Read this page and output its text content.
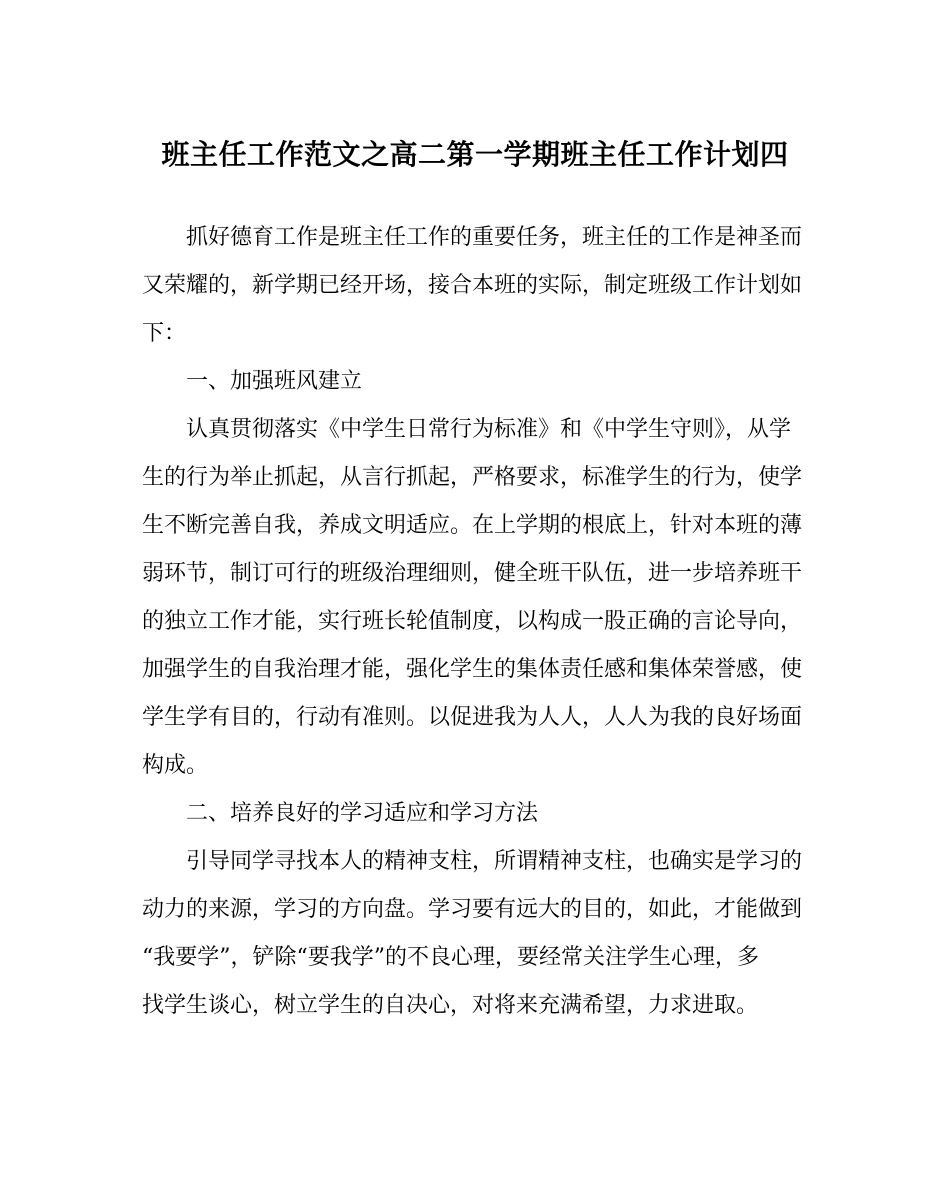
班主任工作范文之高二第一学期班主任工作计划四

抓好德育工作是班主任工作的重要任务，班主任的工作是神圣而

又荣耀的，新学期已经开场，接合本班的实际，制定班级工作计划如

下：

一、加强班风建立

认真贯彻落实《中学生日常行为标准》和《中学生守则》，从学

生的行为举止抓起，从言行抓起，严格要求，标准学生的行为，使学

生不断完善自我，养成文明适应。在上学期的根底上，针对本班的薄

弱环节，制订可行的班级治理细则，健全班干队伍，进一步培养班干

的独立工作才能，实行班长轮值制度，以构成一股正确的言论导向，

加强学生的自我治理才能，强化学生的集体责任感和集体荣誉感，使

学生学有目的，行动有准则。以促进我为人人，人人为我的良好场面

构成。

二、培养良好的学习适应和学习方法

引导同学寻找本人的精神支柱，所谓精神支柱，也确实是学习的

动力的来源，学习的方向盘。学习要有远大的目的，如此，才能做到

“我要学”，铲除“要我学”的不良心理，要经常关注学生心理，多

找学生谈心，树立学生的自决心，对将来充满希望，力求进取。
